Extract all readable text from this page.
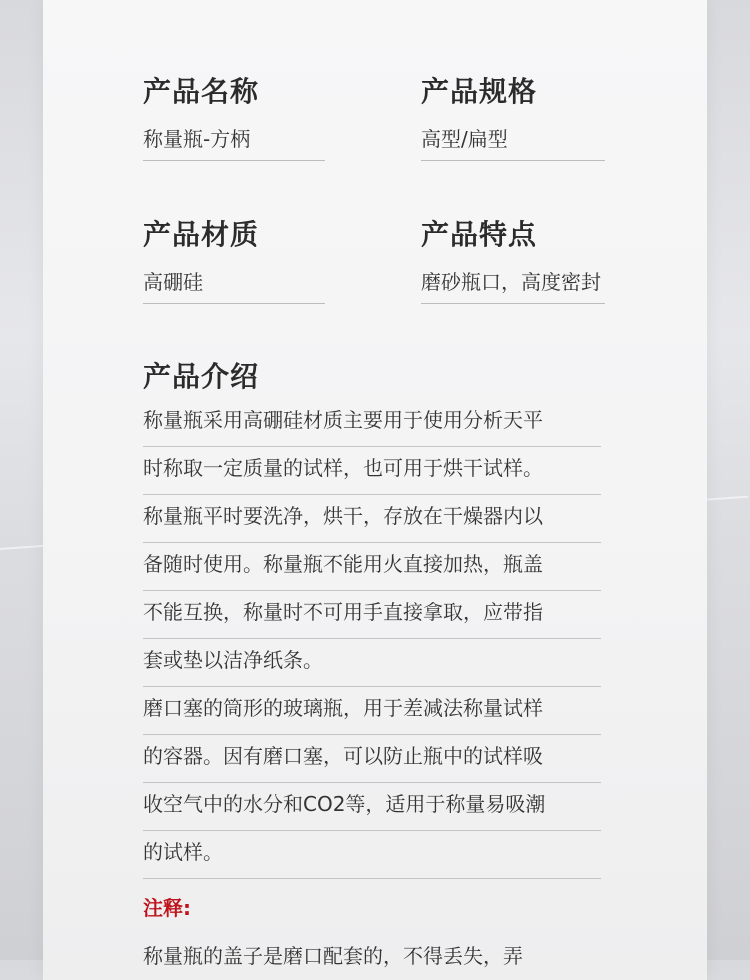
产品名称
称量瓶-方柄
产品规格
高型/扁型
产品材质
高硼硅
产品特点
磨砂瓶口，高度密封
产品介绍
称量瓶采用高硼硅材质主要用于使用分析天平
时称取一定质量的试样，也可用于烘干试样。
称量瓶平时要洗净，烘干，存放在干燥器内以
备随时使用。称量瓶不能用火直接加热，瓶盖
不能互换，称量时不可用手直接拿取，应带指
套或垫以洁净纸条。
磨口塞的筒形的玻璃瓶，用于差减法称量试样
的容器。因有磨口塞，可以防止瓶中的试样吸
收空气中的水分和CO2等，适用于称量易吸潮
的试样。
注释:
称量瓶的盖子是磨口配套的，不得丢失，弄
